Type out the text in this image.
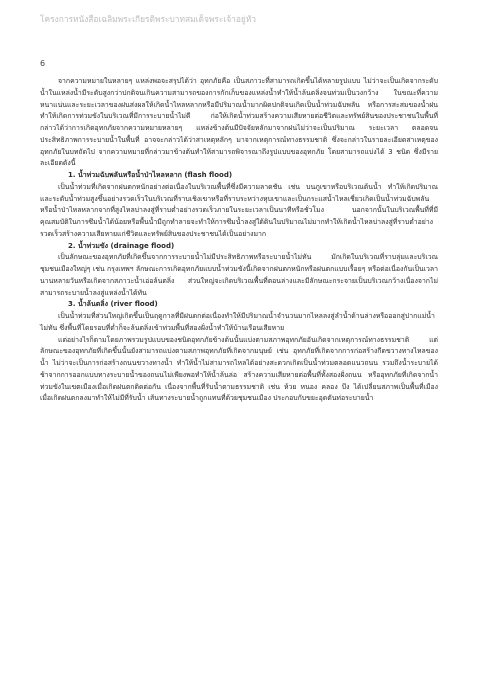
โครงการหนังสือเฉลิมพระเกียรติพระบาทสมเด็จพระเจ้าอยู่หัว
6

จากความหมายในหลายๆ แหล่งพอจะสรุปได้ว่า อุทกภัยคือ เป็นสภาวะที่สามารถเกิดขึ้นได้หลายรูปแบบ ไม่ว่าจะเป็นเกิดจากระดับน้ำในแหล่งน้ำมีระดับสูงกว่าปกติจนเกินความสามารถของการกักเก็บของแหล่งน้ำทำให้น้ำล้นตลิ่งจนท่วมเป็นวงกว้าง ในขณะที่ความหนาแน่นและระยะเวลาของฝนส่งผลให้เกิดน้ำไหลหลากหรือมีปริมาณน้ำมากผิดปกติจนเกิดเป็นน้ำท่วมฉับพลัน หรือการสะสมของน้ำฝนทำให้เกิดการท่วมขังในบริเวณที่มีการระบายน้ำไม่ดี ก่อให้เกิดน้ำท่วมสร้างความเสียหายต่อชีวิตและทรัพย์สินของประชาชนในพื้นที่ กล่าวได้ว่าการเกิดอุทกภัยจากความหมายหลายๆ แหล่งข้างต้นมีปัจจัยหลักมาจากฝนไม่ว่าจะเป็นปริมาณ ระยะเวลา ตลอดจนประสิทธิภาพการระบายน้ำในพื้นที่ อาจจะกล่าวได้ว่าสาเหตุหลักๆ มาจากเหตุการณ์ทางธรรมชาติ ซึ่งจะกล่าวในรายละเอียดสาเหตุของอุทกภัยในบทถัดไป จากความหมายที่กล่าวมาข้างต้นทำให้สามารถพิจารณาถึงรูปแบบของอุทกภัย โดยสามารถแบ่งได้ 3 ชนิด ซึ่งมีรายละเอียดดังนี้

1. น้ำท่วมฉับพลันหรือน้ำป่าไหลหลาก (flash flood)

เป็นน้ำท่วมที่เกิดจากฝนตกหนักอย่างต่อเนื่องในบริเวณพื้นที่ซึ่งมีความลาดชัน เช่น บนภูเขาหรือบริเวณต้นน้ำ ทำให้เกิดปริมาณและระดับน้ำท่วมสูงขึ้นอย่างรวดเร็วในบริเวณที่ราบเชิงเขาหรือที่ราบระหว่างหุบเขาและเป็นกระแสน้ำไหลเชี่ยวเกิดเป็นน้ำท่วมฉับพลันหรือน้ำป่าไหลหลากจากที่สูงไหลบ่าลงสู่ที่ราบต่ำอย่างรวดเร็วภายในระยะเวลาเป็นนาทีหรือชั่วโมง นอกจากนั้นในบริเวณพื้นที่ที่มีคุณสมบัติในการซึมน้ำได้น้อยหรือพื้นน้ำมีถูกทำลายจะทำให้การซึมน้ำลงสู่ใต้ดินในปริมาณไม่มากทำให้เกิดน้ำไหลบ่าลงสู่ที่ราบต่ำอย่างรวดเร็วสร้างความเสียหายแก่ชีวิตและทรัพย์สินของประชาชนได้เป็นอย่างมาก

2. น้ำท่วมขัง (drainage flood)

เป็นลักษณะของอุทกภัยที่เกิดขึ้นจากการระบายน้ำไม่มีประสิทธิภาพหรือระบายน้ำไม่ทัน มักเกิดในบริเวณที่ราบลุ่มและบริเวณชุมชนเมืองใหญ่ๆ เช่น กรุงเทพฯ ลักษณะการเกิดอุทกภัยแบบน้ำท่วมขังนี้เกิดจากฝนตกหนักหรือฝนตกแบบเรื้อยๆ หรือต่อเนื่องกันเป็นเวลานานหลายวันหรือเกิดจากสภาวะน้ำเอ่อล้นตลิ่ง ส่วนใหญ่จะเกิดบริเวณพื้นที่ตอนล่างและมีลักษณะกระจายเป็นบริเวณกว้างเนื่องจากไม่สามารถระบายน้ำลงสู่แหล่งน้ำได้ทัน

3. น้ำล้นตลิ่ง (river flood)

เป็นน้ำท่วมที่ส่วนใหญ่เกิดขึ้นเป็นฤดูกาลที่มีฝนตกต่อเนื่องทำให้มีปริมาณน้ำจำนวนมากไหลลงสู่ลำน้ำด้านล่างหรือออกสู่ปากแม่น้ำไม่ทัน ซึ่งพื้นที่โดยรอบที่ต่ำก็จะล้นตลิ่งเข้าท่วมพื้นที่สองฝั่งน้ำทำให้บ้านเรือนเสียหาย

แต่อย่างไรก็ตามโดยภาพรวมรูปแบบของชนิดอุทกภัยข้างต้นนั้นแบ่งตามสภาพอุทกภัยอันเกิดจากเหตุการณ์ทางธรรมชาติ แต่ลักษณะของอุทกภัยที่เกิดขึ้นนั้นยังสามารถแบ่งตามสภาพอุทกภัยที่เกิดจากมนุษย์ เช่น อุทกภัยที่เกิดจากการก่อสร้างกีดขวางทางไหลของน้ำ ไม่ว่าจะเป็นการก่อสร้างถนนขวางทางน้ำ ทำให้น้ำไม่สามารถไหลได้อย่างสะดวกเกิดเป็นน้ำท่วมตลอดแนวถนน รวมถึงน้ำระบายได้ช้าจากการออกแบบทางระบายน้ำของถนนไม่เพียงพอทำให้น้ำล้นล่อ สร้างความเสียหายต่อพื้นที่ทั้งสองฝั่งถนน หรืออุทกภัยที่เกิดจากน้ำท่วมขังในเขตเมืองเมื่อเกิดฝนตกติดต่อกัน เนื่องจากพื้นที่รับน้ำตามธรรมชาติ เช่น ห้วย หนอง คลอง บึง ได้เปลี่ยนสภาพเป็นพื้นที่เมือง เมื่อเกิดฝนตกลงมาทำให้ไม่มีที่รับน้ำ เส้นทางระบายน้ำถูกแทนที่ด้วยชุมชนเมือง ประกอบกับขยะอุดตันท่อระบายน้ำ
